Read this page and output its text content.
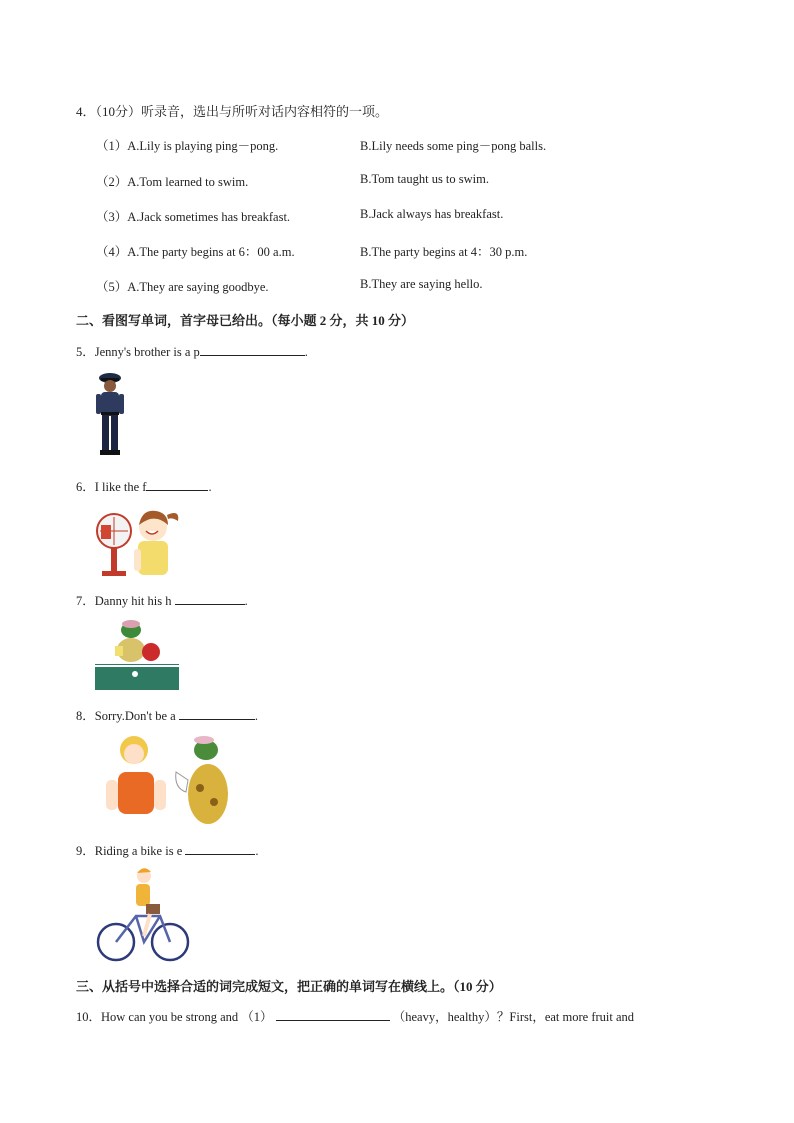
4．（10分）听录音，选出与所听对话内容相符的一项。
（1）A.Lily is playing ping－pong.	B.Lily needs some ping－pong balls.
（2）A.Tom learned to swim.	B.Tom taught us to swim.
（3）A.Jack sometimes has breakfast.	B.Jack always has breakfast.
（4）A.The party begins at 6：00 a.m.	B.The party begins at 4：30 p.m.
（5）A.They are saying goodbye.	B.They are saying hello.
二、看图写单词，首字母已给出。（每小题 2 分，共 10 分）
5．Jenny's brother is a p	.
6．I like the f	.
7．Danny hit his h	.
8．Sorry.Don't be a	.
9．Riding a bike is e	.
三、从括号中选择合适的词完成短文，把正确的单词写在横线上。（10 分）
10．How can you be strong and （1）	（heavy，healthy）？First，eat more fruit and
